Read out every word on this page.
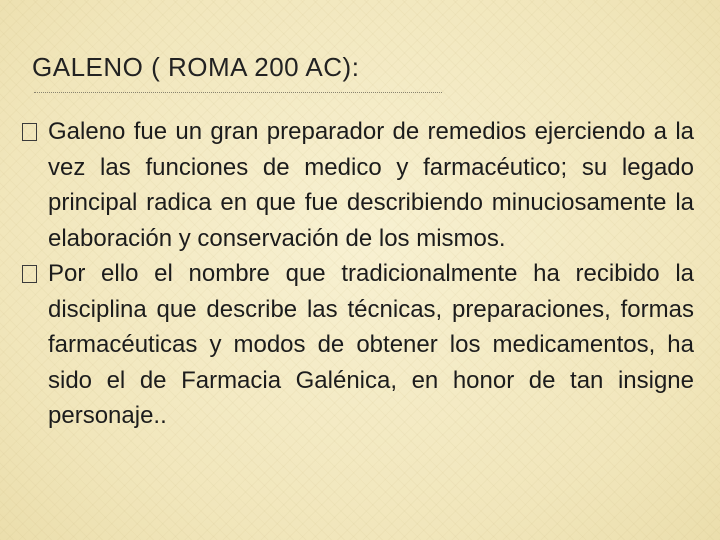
GALENO ( ROMA 200 AC):
Galeno fue un gran preparador de remedios ejerciendo a la vez las funciones de medico y farmacéutico; su legado principal radica en que fue describiendo minuciosamente la elaboración y conservación de los mismos.
Por ello el nombre que tradicionalmente ha recibido la disciplina que describe las técnicas, preparaciones, formas farmacéuticas y modos de obtener los medicamentos, ha sido el de Farmacia Galénica, en honor de tan insigne personaje..
